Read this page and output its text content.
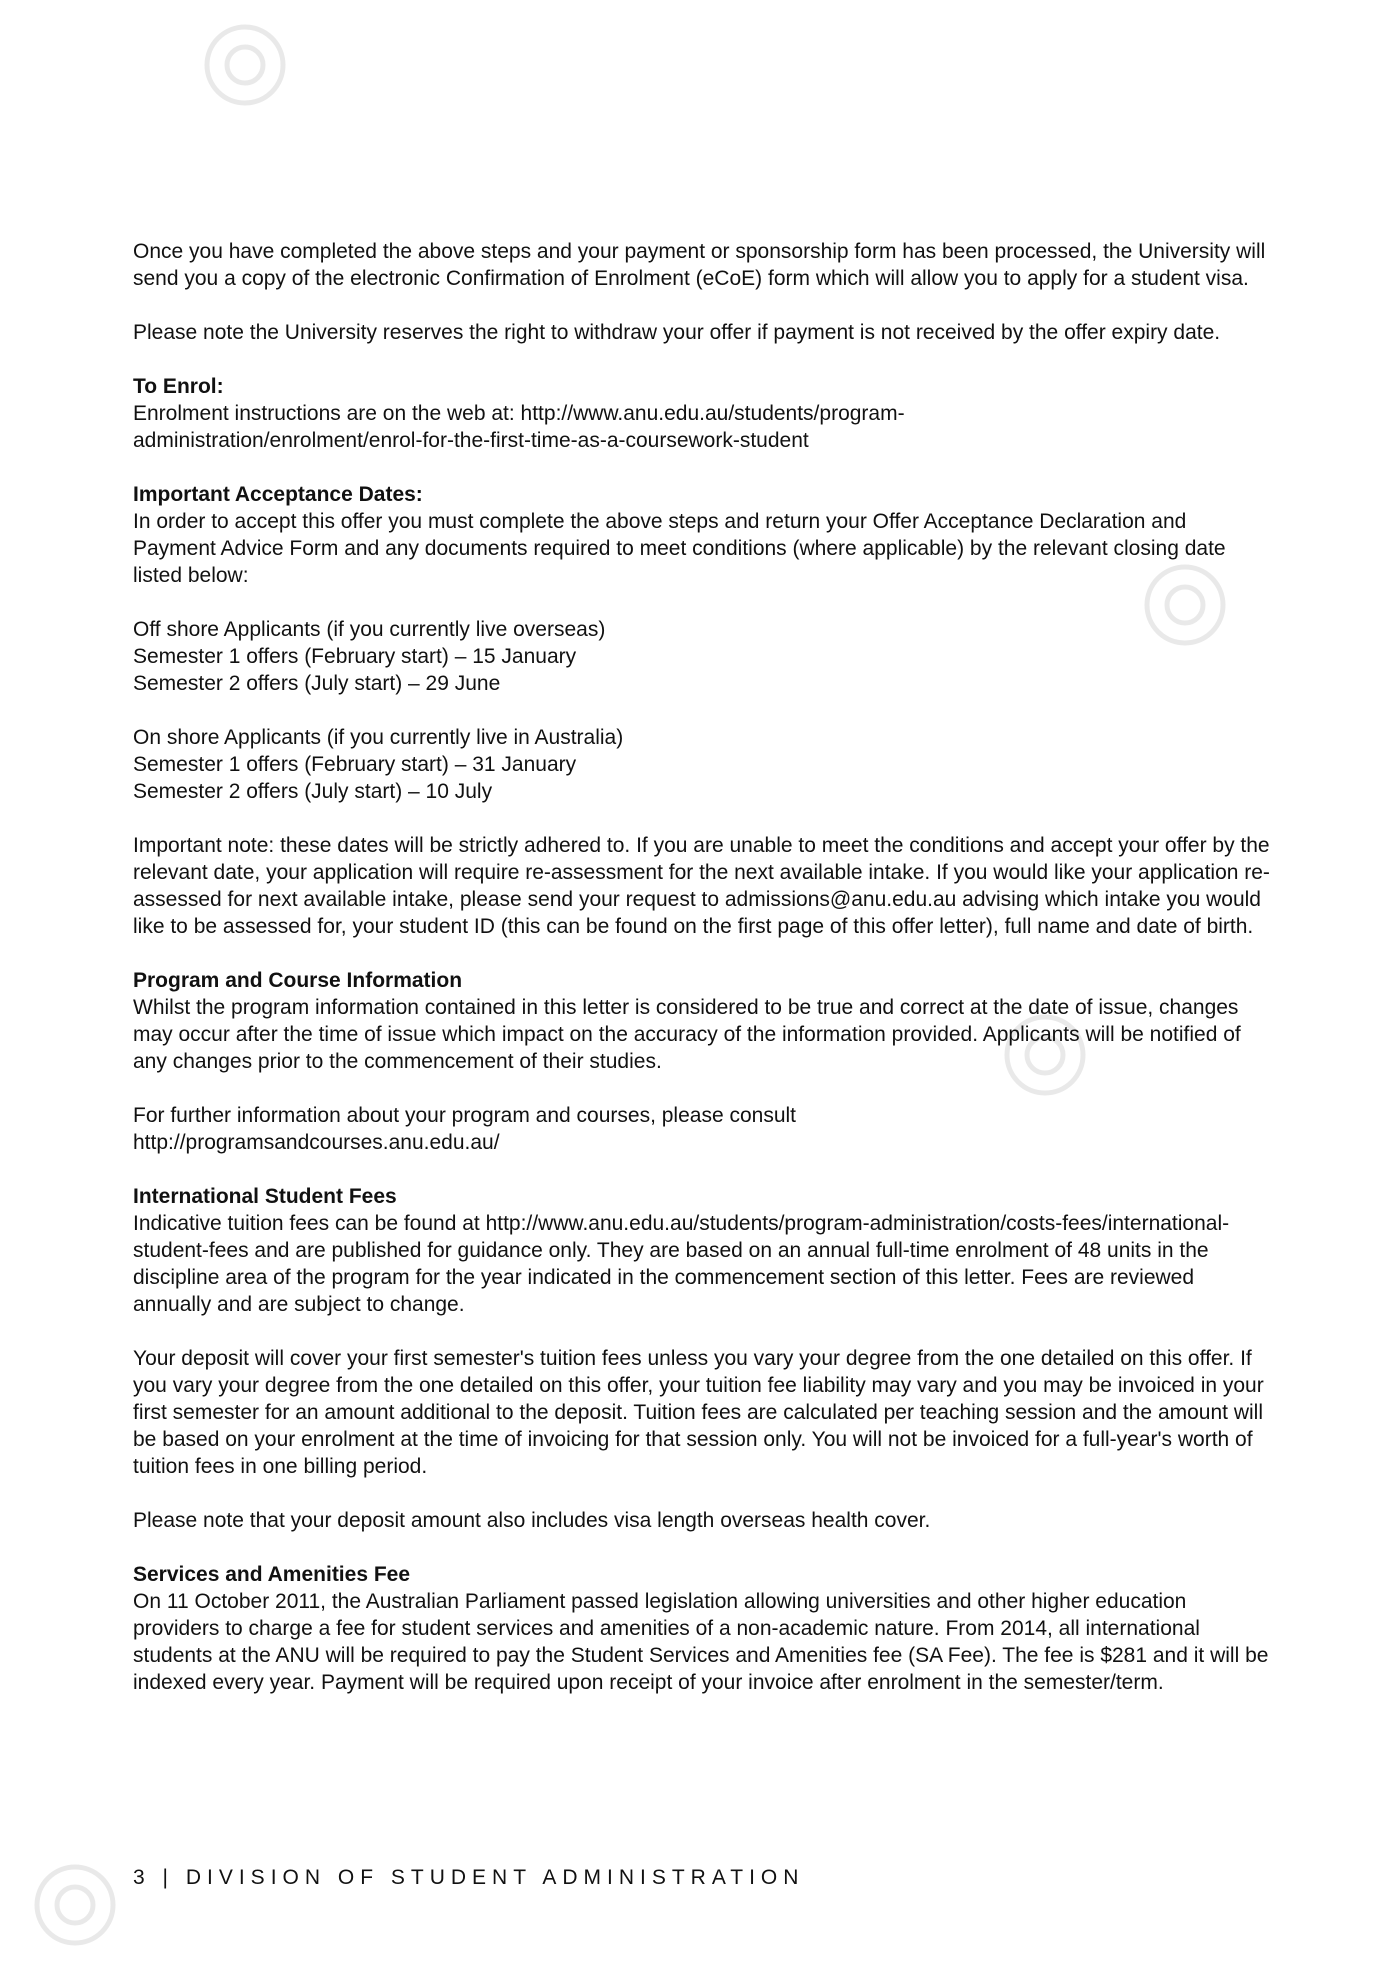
Once you have completed the above steps and your payment or sponsorship form has been processed, the University will send you a copy of the electronic Confirmation of Enrolment (eCoE) form which will allow you to apply for a student visa.

Please note the University reserves the right to withdraw your offer if payment is not received by the offer expiry date.

To Enrol:
Enrolment instructions are on the web at: http://www.anu.edu.au/students/program-
administration/enrolment/enrol-for-the-first-time-as-a-coursework-student
Important Acceptance Dates:
In order to accept this offer you must complete the above steps and return your Offer Acceptance Declaration and Payment Advice Form and any documents required to meet conditions (where applicable) by the relevant closing date listed below:
Off shore Applicants (if you currently live overseas)
Semester 1 offers (February start) – 15 January
Semester 2 offers (July start) – 29 June
On shore Applicants (if you currently live in Australia)
Semester 1 offers (February start) – 31 January
Semester 2 offers (July start) – 10 July

Important note: these dates will be strictly adhered to. If you are unable to meet the conditions and accept your offer by the relevant date, your application will require re-assessment for the next available intake. If you would like your application re-assessed for next available intake, please send your request to admissions@anu.edu.au advising which intake you would like to be assessed for, your student ID (this can be found on the first page of this offer letter), full name and date of birth.

Program and Course Information
Whilst the program information contained in this letter is considered to be true and correct at the date of issue, changes may occur after the time of issue which impact on the accuracy of the information provided. Applicants will be notified of any changes prior to the commencement of their studies.
For further information about your program and courses, please consult
http://programsandcourses.anu.edu.au/
International Student Fees
Indicative tuition fees can be found at http://www.anu.edu.au/students/program-administration/costs-fees/international-student-fees and are published for guidance only. They are based on an annual full-time enrolment of 48 units in the discipline area of the program for the year indicated in the commencement section of this letter. Fees are reviewed annually and are subject to change.

Your deposit will cover your first semester's tuition fees unless you vary your degree from the one detailed on this offer. If you vary your degree from the one detailed on this offer, your tuition fee liability may vary and you may be invoiced in your first semester for an amount additional to the deposit. Tuition fees are calculated per teaching session and the amount will be based on your enrolment at the time of invoicing for that session only. You will not be invoiced for a full-year's worth of tuition fees in one billing period.

Please note that your deposit amount also includes visa length overseas health cover.

Services and Amenities Fee
On 11 October 2011, the Australian Parliament passed legislation allowing universities and other higher education providers to charge a fee for student services and amenities of a non-academic nature. From 2014, all international students at the ANU will be required to pay the Student Services and Amenities fee (SA Fee). The fee is $281 and it will be indexed every year. Payment will be required upon receipt of your invoice after enrolment in the semester/term.
3 | DIVISION OF STUDENT ADMINISTRATION
